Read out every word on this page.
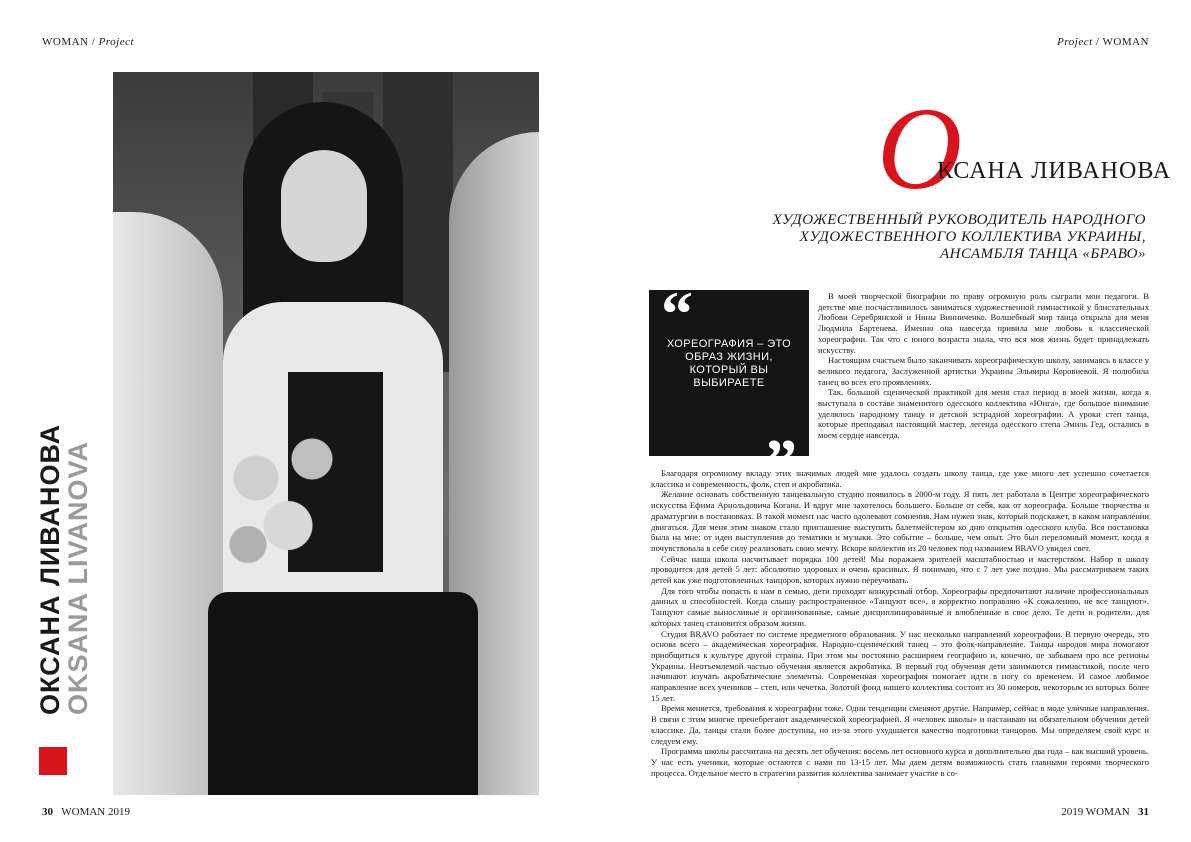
WOMAN / Project	Project / WOMAN
ОКСАНА ЛИВАНОВА
OKSANA LIVANOVA
30 WOMAN 2019	2019 WOMAN 31
О
КСАНА ЛИВАНОВА
ХУДОЖЕСТВЕННЫЙ РУКОВОДИТЕЛЬ НАРОДНОГО
ХУДОЖЕСТВЕННОГО КОЛЛЕКТИВА УКРАИНЫ,
АНСАМБЛЯ ТАНЦА «БРАВО»
“
ХОРЕОГРАФИЯ – ЭТО ОБРАЗ ЖИЗНИ, КОТОРЫЙ ВЫ ВЫБИРАЕТЕ
”

В моей творческой биографии по праву огромную роль сыграли мои педагоги. В детстве мне посчастливилось заниматься художественной гимнастикой у блистательных Любови Серебрянской и Нины Винниченко. Волшебный мир танца открыла для меня Людмила Бартенева. Именно она навсегда привила мне любовь к классической хореографии. Так что с юного возраста знала, что вся моя жизнь будет принадлежать искусству.

Настоящим счастьем было заканчивать хореографическую школу, занимаясь в классе у великого педагога, Заслуженной артистки Украины Эльвиры Коровиевой. Я полюбила танец во всех его проявлениях.

Так, большой сценической практикой для меня стал период в моей жизни, когда я выступала в составе знаменитого одесского коллектива «Юнга», где большое внимание уделялось народному танцу и детской эстрадной хореографии. А уроки степ танца, которые преподавал настоящий мастер, легенда одесского степа Эмиль Гед, остались в моем сердце навсегда.

Благодаря огромному вкладу этих значимых людей мне удалось создать школу танца, где уже много лет успешно сочетается классика и современность, фолк, степ и акробатика.

Желание основать собственную танцевальную студию появилось в 2000-м году. Я пять лет работала в Центре хореографического искусства Ефима Арнольдовича Когана. И вдруг мне захотелось большего. Больше от себя, как от хореографа. Больше творчества и драматургии в постановках. В такой момент нас часто одолевают сомнения. Нам нужен знак, который подскажет, в каком направлении двигаться. Для меня этим знаком стало приглашение выступить балетмейстером ко дню открытия одесского клуба. Вся постановка была на мне: от идеи выступления до тематики и музыки. Это событие – больше, чем опыт. Это был переломный момент, когда я почувствовала в себе силу реализовать свою мечту. Вскоре коллектив из 20 человек под названием BRAVO увидел свет.

Сейчас наша школа насчитывает порядка 100 детей! Мы поражаем зрителей масштабностью и мастерством. Набор в школу проводится для детей 5 лет: абсолютно здоровых и очень красивых. Я понимаю, что с 7 лет уже поздно. Мы рассматриваем таких детей как уже подготовленных танцоров, которых нужно переучивать.

Для того чтобы попасть к нам в семью, дети проходят конкурсный отбор. Хореографы предпочитают наличие профессиональных данных и способностей. Когда слышу распространенное «Танцуют все», я корректно поправляю «К сожалению, не все танцуют». Танцуют самые выносливые и организованные, самые дисциплинированные и влюбленные в свое дело. Те дети и родители, для которых танец становится образом жизни.

Студия BRAVO работает по системе предметного образования. У нас несколько направлений хореографии. В первую очередь, это основа всего – академическая хореография. Народно-сценический танец – это фолк-направление. Танцы народов мира помогают приобщиться к культуре другой страны. При этом мы постоянно расширяем географию и, конечно, не забываем про все регионы Украины. Неотъемлемой частью обучения является акробатика. В первый год обучения дети занимаются гимнастикой, после чего начинают изучать акробатические элементы. Современная хореография помогает идти в ногу со временем. И самое любимое направление всех учеников – степ, или чечетка. Золотой фонд нашего коллектива состоит из 30 номеров, некоторым из которых более 15 лет.

Время меняется, требования к хореографии тоже. Одни тенденции сменяют другие. Например, сейчас в моде уличные направления. В связи с этим многие пренебрегают академической хореографией. Я «человек школы» и настаиваю на обязательном обучении детей классике. Да, танцы стали более доступны, но из-за этого ухудшается качество подготовки танцоров. Мы определяем свой курс и следуем ему.

Программа школы рассчитана на десять лет обучения: восемь лет основного курса и дополнительно два года – как высший уровень. У нас есть ученики, которые остаются с нами по 13-15 лет. Мы даем детям возможность стать главными героями творческого процесса. Отдельное место в стратегии развития коллектива занимает участие в со-
